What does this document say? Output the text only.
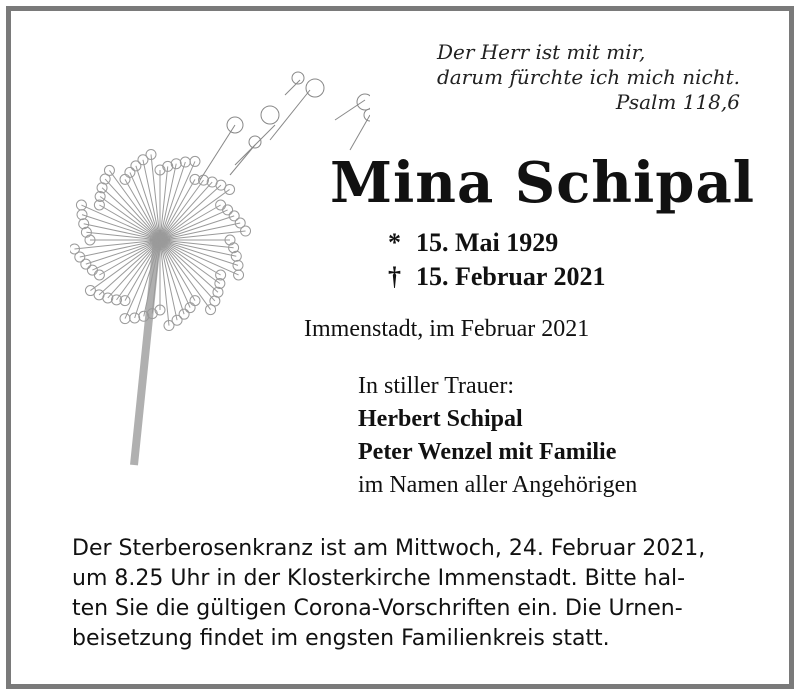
Der Herr ist mit mir,
darum fürchte ich mich nicht.
Psalm 118,6
Mina Schipal
* 15. Mai 1929
† 15. Februar 2021
Immenstadt, im Februar 2021
In stiller Trauer:
Herbert Schipal
Peter Wenzel mit Familie
im Namen aller Angehörigen
Der Sterberosenkranz ist am Mittwoch, 24. Februar 2021,
um 8.25 Uhr in der Klosterkirche Immenstadt. Bitte hal-
ten Sie die gültigen Corona-Vorschriften ein. Die Urnen-
beisetzung findet im engsten Familienkreis statt.
